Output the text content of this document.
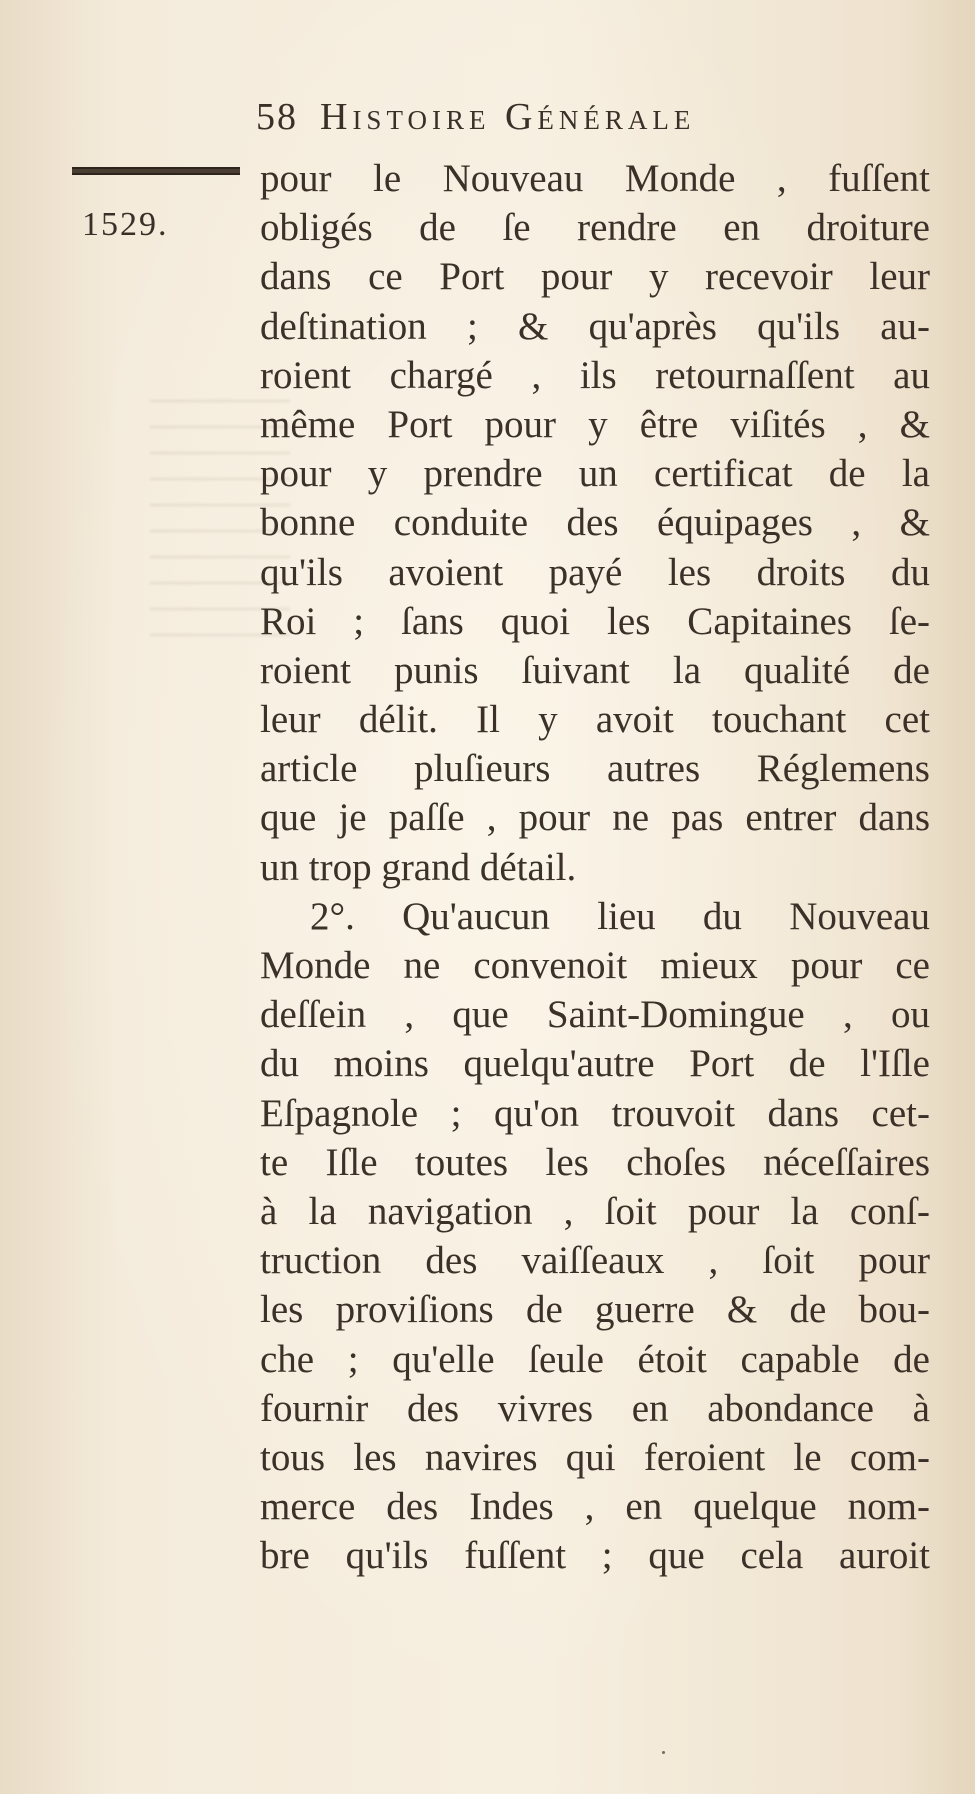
58 Histoire Générale
1529.
pour le Nouveau Monde , fuſſent
obligés de ſe rendre en droiture
dans ce Port pour y recevoir leur
deſtination ; & qu'après qu'ils au-
roient chargé , ils retournaſſent au
même Port pour y être viſités , &
pour y prendre un certificat de la
bonne conduite des équipages , &
qu'ils avoient payé les droits du
Roi ; ſans quoi les Capitaines ſe-
roient punis ſuivant la qualité de
leur délit. Il y avoit touchant cet
article pluſieurs autres Réglemens
que je paſſe , pour ne pas entrer dans
un trop grand détail.
2°. Qu'aucun lieu du Nouveau
Monde ne convenoit mieux pour ce
deſſein , que Saint-Domingue , ou
du moins quelqu'autre Port de l'Iſle
Eſpagnole ; qu'on trouvoit dans cet-
te Iſle toutes les choſes néceſſaires
à la navigation , ſoit pour la conſ-
truction des vaiſſeaux , ſoit pour
les proviſions de guerre & de bou-
che ; qu'elle ſeule étoit capable de
fournir des vivres en abondance à
tous les navires qui feroient le com-
merce des Indes , en quelque nom-
bre qu'ils fuſſent ; que cela auroit
